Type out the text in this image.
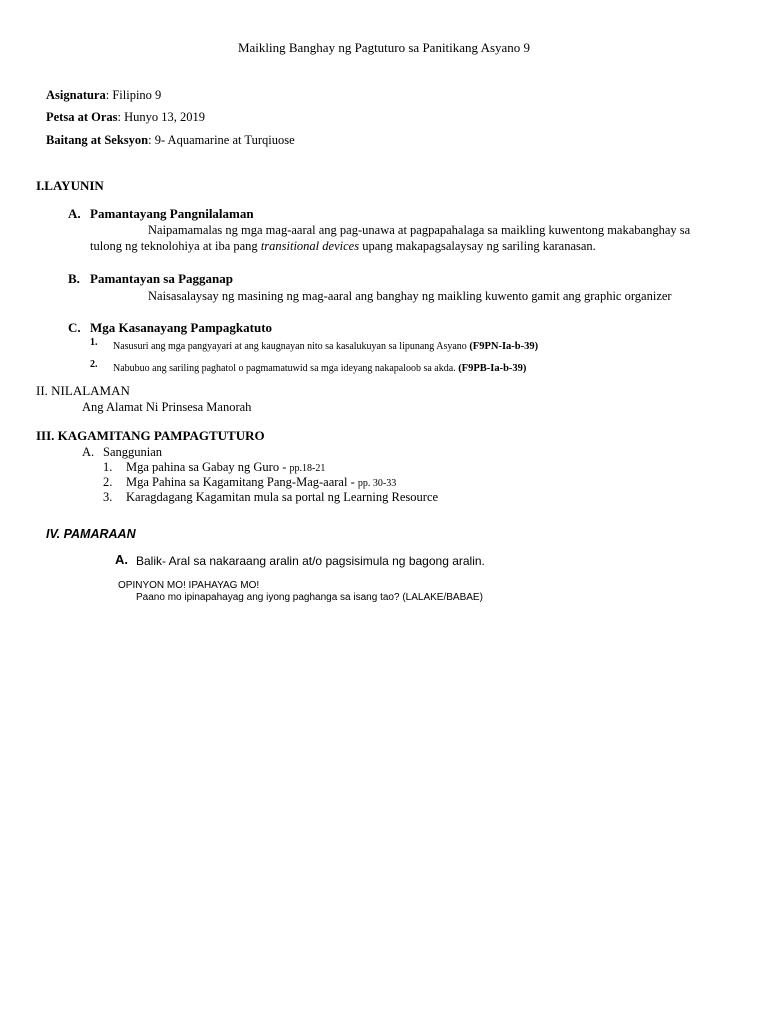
Maikling Banghay ng Pagtuturo sa Panitikang Asyano 9
Asignatura: Filipino 9
Petsa at Oras: Hunyo 13, 2019
Baitang at Seksyon: 9- Aquamarine at Turqiuose
I.LAYUNIN
A. Pamantayang Pangnilalaman
Naipamamalas ng mga mag-aaral ang pag-unawa at pagpapahalaga sa maikling kuwentong makabanghay sa tulong ng teknolohiya at iba pang transitional devices upang makapagsalaysay ng sariling karanasan.
B. Pamantayan sa Pagganap
Naisasalaysay ng masining ng mag-aaral ang banghay ng maikling kuwento gamit ang graphic organizer
C. Mga Kasanayang Pampagkatuto
1. Nasusuri ang mga pangyayari at ang kaugnayan nito sa kasalukuyan sa lipunang Asyano (F9PN-Ia-b-39)
2. Nabubuo ang sariling paghatol o pagmamatuwid sa mga ideyang nakapaloob sa akda. (F9PB-Ia-b-39)
II. NILALAMAN
Ang Alamat Ni Prinsesa Manorah
III. KAGAMITANG PAMPAGTUTURO
A. Sanggunian
1. Mga pahina sa Gabay ng Guro - pp.18-21
2. Mga Pahina sa Kagamitang Pang-Mag-aaral - pp. 30-33
3. Karagdagang Kagamitan mula sa portal ng Learning Resource
IV. PAMARAAN
A. Balik- Aral sa nakaraang aralin at/o pagsisimula ng bagong aralin.
OPINYON MO! IPAHAYAG MO!
Paano mo ipinapahayag ang iyong paghanga sa isang tao? (LALAKE/BABAE)
